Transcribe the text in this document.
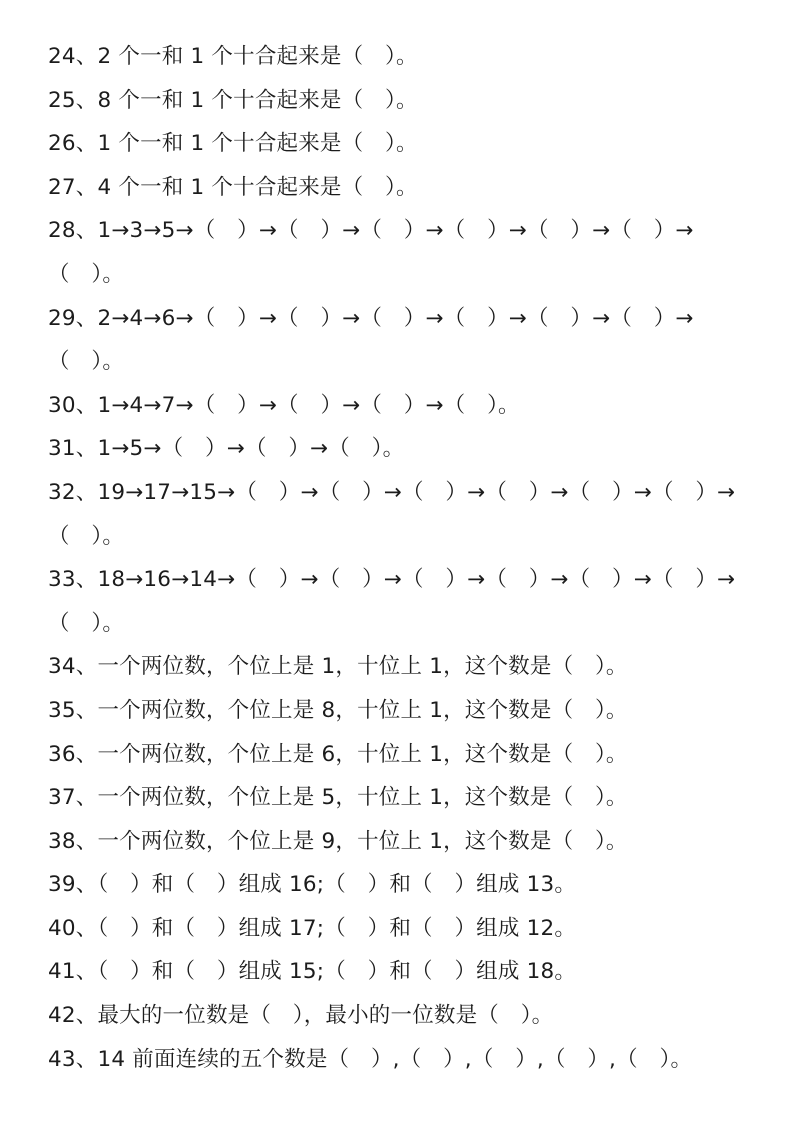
24、2 个一和 1 个十合起来是（　）。
25、8 个一和 1 个十合起来是（　）。
26、1 个一和 1 个十合起来是（　）。
27、4 个一和 1 个十合起来是（　）。
28、1→3→5→（　）→（　）→（　）→（　）→（　）→（　）→
（　）。
29、2→4→6→（　）→（　）→（　）→（　）→（　）→（　）→
（　）。
30、1→4→7→（　）→（　）→（　）→（　）。
31、1→5→（　）→（　）→（　）。
32、19→17→15→（　）→（　）→（　）→（　）→（　）→（　）→
（　）。
33、18→16→14→（　）→（　）→（　）→（　）→（　）→（　）→
（　）。
34、一个两位数，个位上是 1，十位上 1，这个数是（　）。
35、一个两位数，个位上是 8，十位上 1，这个数是（　）。
36、一个两位数，个位上是 6，十位上 1，这个数是（　）。
37、一个两位数，个位上是 5，十位上 1，这个数是（　）。
38、一个两位数，个位上是 9，十位上 1，这个数是（　）。
39、（　）和（　）组成 16;（　）和（　）组成 13。
40、（　）和（　）组成 17;（　）和（　）组成 12。
41、（　）和（　）组成 15;（　）和（　）组成 18。
42、最大的一位数是（　），最小的一位数是（　）。
43、14 前面连续的五个数是（　）,（　）,（　）,（　）,（　）。
